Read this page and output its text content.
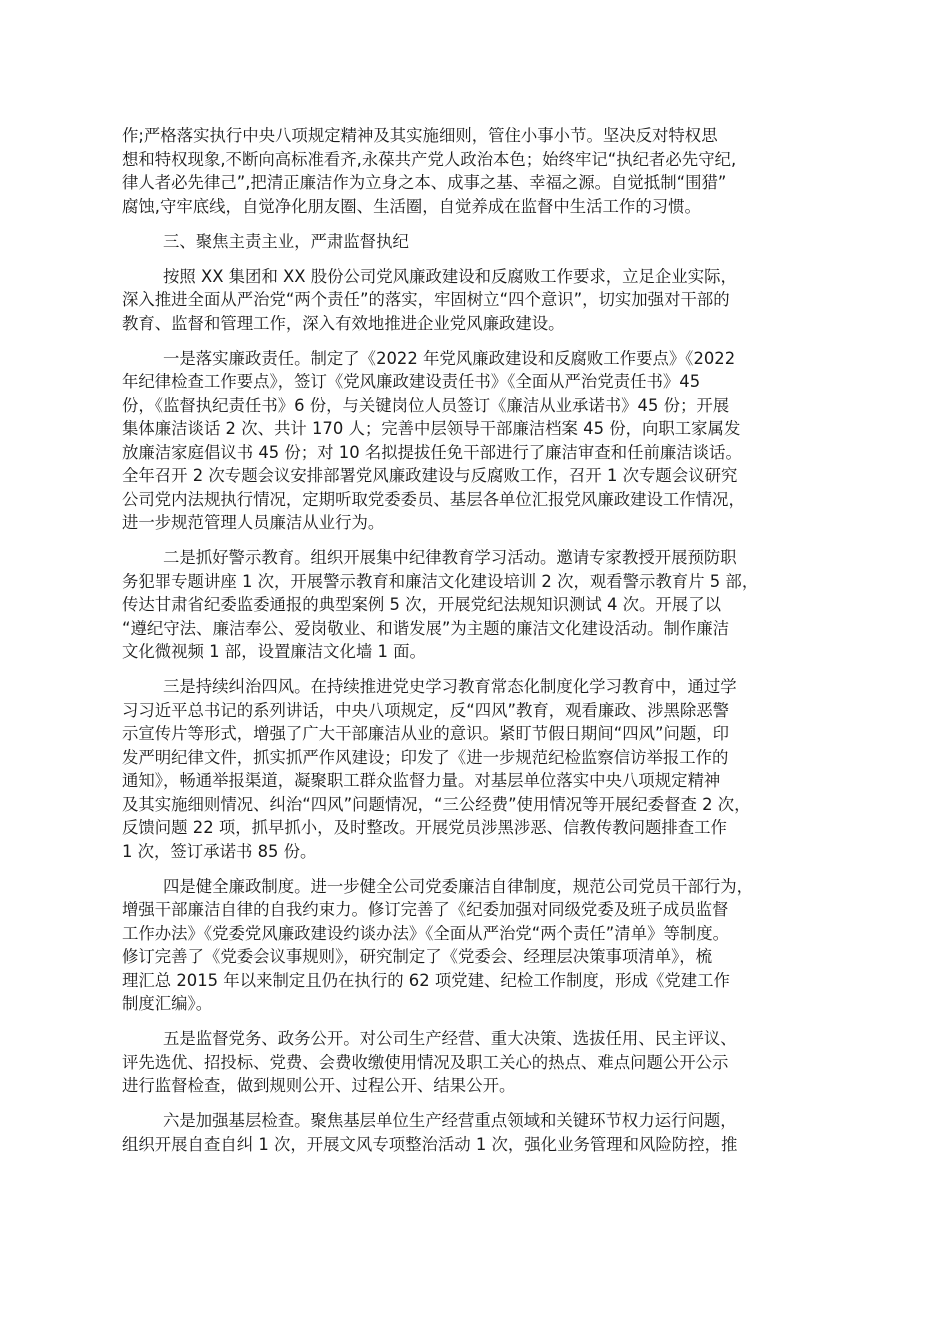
作;严格落实执行中央八项规定精神及其实施细则，管住小事小节。坚决反对特权思
想和特权现象,不断向高标准看齐,永葆共产党人政治本色；始终牢记“执纪者必先守纪,
律人者必先律己”,把清正廉洁作为立身之本、成事之基、幸福之源。自觉抵制“围猎”
腐蚀,守牢底线，自觉净化朋友圈、生活圈，自觉养成在监督中生活工作的习惯。

三、聚焦主责主业，严肃监督执纪

按照 XX 集团和 XX 股份公司党风廉政建设和反腐败工作要求，立足企业实际，
深入推进全面从严治党“两个责任”的落实，牢固树立“四个意识”，切实加强对干部的
教育、监督和管理工作，深入有效地推进企业党风廉政建设。

一是落实廉政责任。制定了《2022 年党风廉政建设和反腐败工作要点》《2022
年纪律检查工作要点》，签订《党风廉政建设责任书》《全面从严治党责任书》45
份，《监督执纪责任书》6 份，与关键岗位人员签订《廉洁从业承诺书》45 份；开展
集体廉洁谈话 2 次、共计 170 人；完善中层领导干部廉洁档案 45 份，向职工家属发
放廉洁家庭倡议书 45 份；对 10 名拟提拔任免干部进行了廉洁审查和任前廉洁谈话。
全年召开 2 次专题会议安排部署党风廉政建设与反腐败工作，召开 1 次专题会议研究
公司党内法规执行情况，定期听取党委委员、基层各单位汇报党风廉政建设工作情况，
进一步规范管理人员廉洁从业行为。

二是抓好警示教育。组织开展集中纪律教育学习活动。邀请专家教授开展预防职
务犯罪专题讲座 1 次，开展警示教育和廉洁文化建设培训 2 次，观看警示教育片 5 部，
传达甘肃省纪委监委通报的典型案例 5 次，开展党纪法规知识测试 4 次。开展了以
“遵纪守法、廉洁奉公、爱岗敬业、和谐发展”为主题的廉洁文化建设活动。制作廉洁
文化微视频 1 部，设置廉洁文化墙 1 面。

三是持续纠治四风。在持续推进党史学习教育常态化制度化学习教育中，通过学
习习近平总书记的系列讲话，中央八项规定，反“四风”教育，观看廉政、涉黑除恶警
示宣传片等形式，增强了广大干部廉洁从业的意识。紧盯节假日期间“四风”问题，印
发严明纪律文件，抓实抓严作风建设；印发了《进一步规范纪检监察信访举报工作的
通知》，畅通举报渠道，凝聚职工群众监督力量。对基层单位落实中央八项规定精神
及其实施细则情况、纠治“四风”问题情况，“三公经费”使用情况等开展纪委督查 2 次，
反馈问题 22 项，抓早抓小，及时整改。开展党员涉黑涉恶、信教传教问题排查工作
1 次，签订承诺书 85 份。

四是健全廉政制度。进一步健全公司党委廉洁自律制度，规范公司党员干部行为，
增强干部廉洁自律的自我约束力。修订完善了《纪委加强对同级党委及班子成员监督
工作办法》《党委党风廉政建设约谈办法》《全面从严治党“两个责任”清单》等制度。
修订完善了《党委会议事规则》，研究制定了《党委会、经理层决策事项清单》，梳
理汇总 2015 年以来制定且仍在执行的 62 项党建、纪检工作制度，形成《党建工作
制度汇编》。

五是监督党务、政务公开。对公司生产经营、重大决策、选拔任用、民主评议、
评先选优、招投标、党费、会费收缴使用情况及职工关心的热点、难点问题公开公示
进行监督检查，做到规则公开、过程公开、结果公开。

六是加强基层检查。聚焦基层单位生产经营重点领域和关键环节权力运行问题，
组织开展自查自纠 1 次，开展文风专项整治活动 1 次，强化业务管理和风险防控，推
